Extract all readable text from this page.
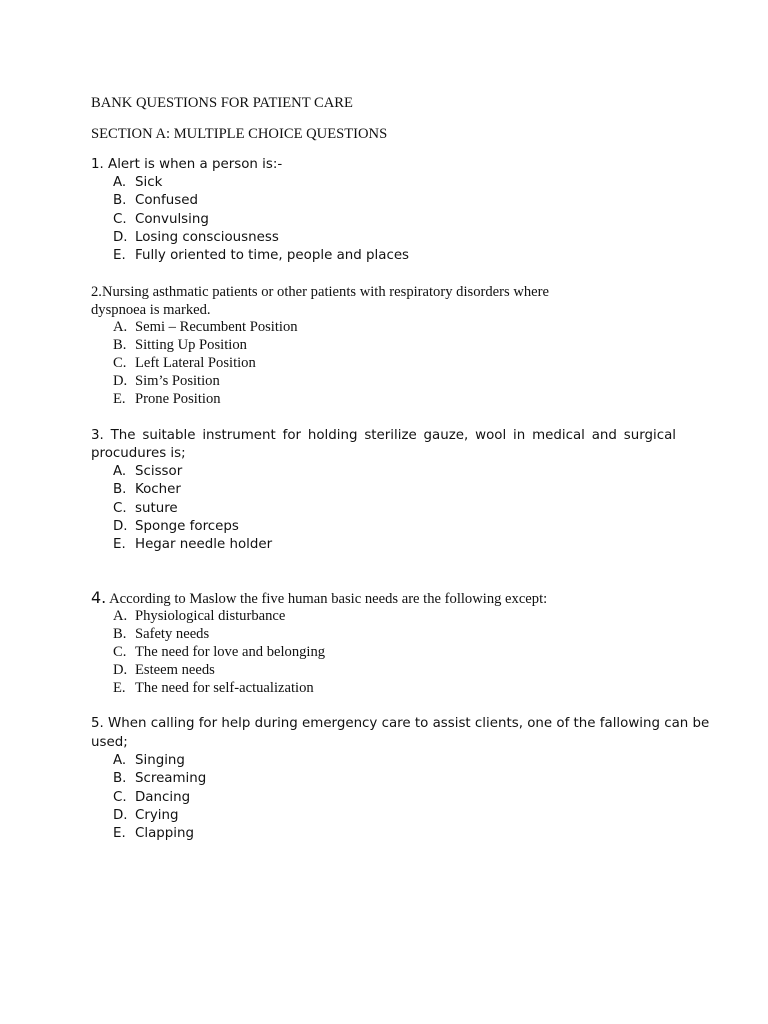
BANK QUESTIONS FOR PATIENT CARE
SECTION A: MULTIPLE CHOICE QUESTIONS
1. Alert is when a person is:-
A. Sick
B. Confused
C. Convulsing
D. Losing consciousness
E. Fully oriented to time, people and places
2.Nursing asthmatic patients or other patients with respiratory disorders where
dyspnoea is marked.
A. Semi – Recumbent Position
B. Sitting Up Position
C. Left Lateral Position
D. Sim’s Position
E. Prone Position
3. The suitable instrument for holding sterilize gauze, wool in medical and surgical procudures is;
A. Scissor
B. Kocher
C. suture
D. Sponge forceps
E. Hegar needle holder
4. According to Maslow the five human basic needs are the following except:
A. Physiological disturbance
B. Safety needs
C. The need for love and belonging
D. Esteem needs
E. The need for self-actualization
5. When calling for help during emergency care to assist clients, one of the fallowing can be
used;
A. Singing
B. Screaming
C. Dancing
D. Crying
E. Clapping
